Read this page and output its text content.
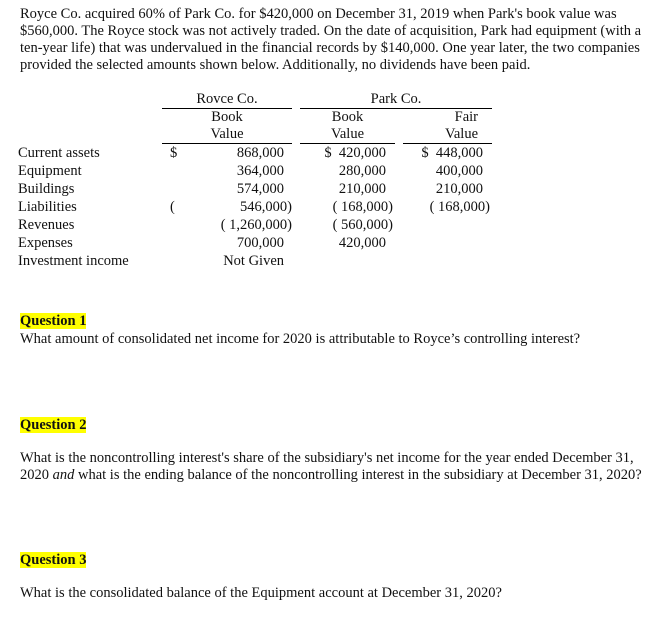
Royce Co. acquired 60% of Park Co. for $420,000 on December 31, 2019 when Park's book value was $560,000. The Royce stock was not actively traded. On the date of acquisition, Park had equipment (with a ten-year life) that was undervalued in the financial records by $140,000. One year later, the two companies provided the selected amounts shown below. Additionally, no dividends have been paid.

	Rovce Co.			Park Co.		
	Book			Book		Fair
	Value			Value		Value
Current assets	$	868,000		$  420,000		$  448,000
Equipment		364,000		280,000		400,000
Buildings		574,000		210,000		210,000
Liabilities	(	546,000)		( 168,000)		( 168,000)
Revenues		( 1,260,000)		( 560,000)		
Expenses		700,000		420,000		
Investment income		Not Given				

Question 1

What amount of consolidated net income for 2020 is attributable to Royce’s controlling interest?

Question 2

What is the noncontrolling interest's share of the subsidiary's net income for the year ended December 31, 2020 and what is the ending balance of the noncontrolling interest in the subsidiary at December 31, 2020?

Question 3

What is the consolidated balance of the Equipment account at December 31, 2020?
